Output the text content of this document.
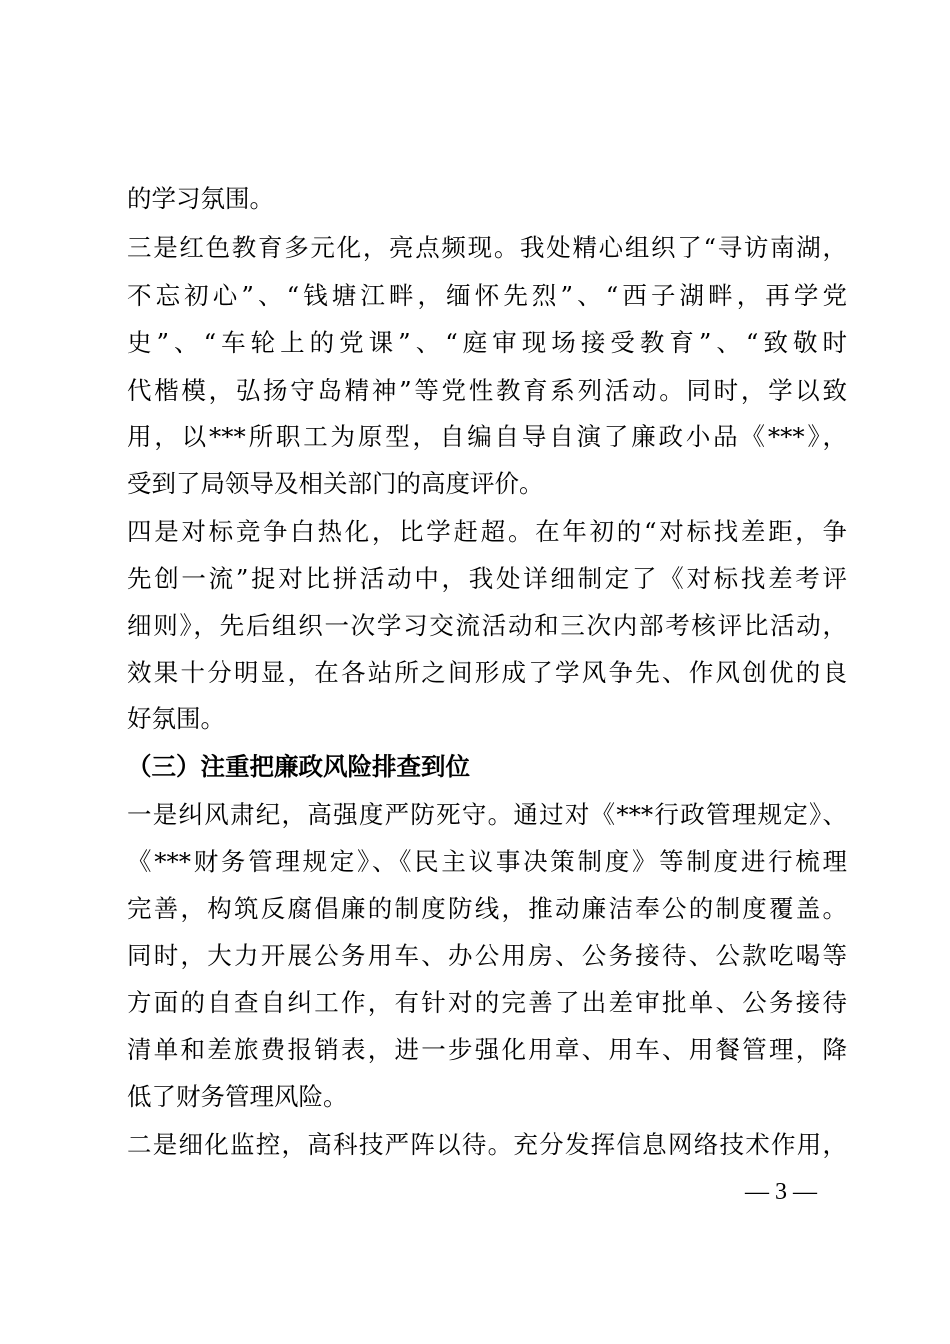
的学习氛围。
三是红色教育多元化，亮点频现。我处精心组织了“寻访南湖，
不忘初心”、“钱塘江畔，缅怀先烈”、“西子湖畔，再学党
史”、“车轮上的党课”、“庭审现场接受教育”、“致敬时
代楷模，弘扬守岛精神”等党性教育系列活动。同时，学以致
用，以***所职工为原型，自编自导自演了廉政小品《***》，
受到了局领导及相关部门的高度评价。
四是对标竞争白热化，比学赶超。在年初的“对标找差距，争
先创一流”捉对比拼活动中，我处详细制定了《对标找差考评
细则》，先后组织一次学习交流活动和三次内部考核评比活动，
效果十分明显，在各站所之间形成了学风争先、作风创优的良
好氛围。
（三）注重把廉政风险排查到位
一是纠风肃纪，高强度严防死守。通过对《***行政管理规定》、
《***财务管理规定》、《民主议事决策制度》等制度进行梳理
完善，构筑反腐倡廉的制度防线，推动廉洁奉公的制度覆盖。
同时，大力开展公务用车、办公用房、公务接待、公款吃喝等
方面的自查自纠工作，有针对的完善了出差审批单、公务接待
清单和差旅费报销表，进一步强化用章、用车、用餐管理，降
低了财务管理风险。
二是细化监控，高科技严阵以待。充分发挥信息网络技术作用，
— 3 —
